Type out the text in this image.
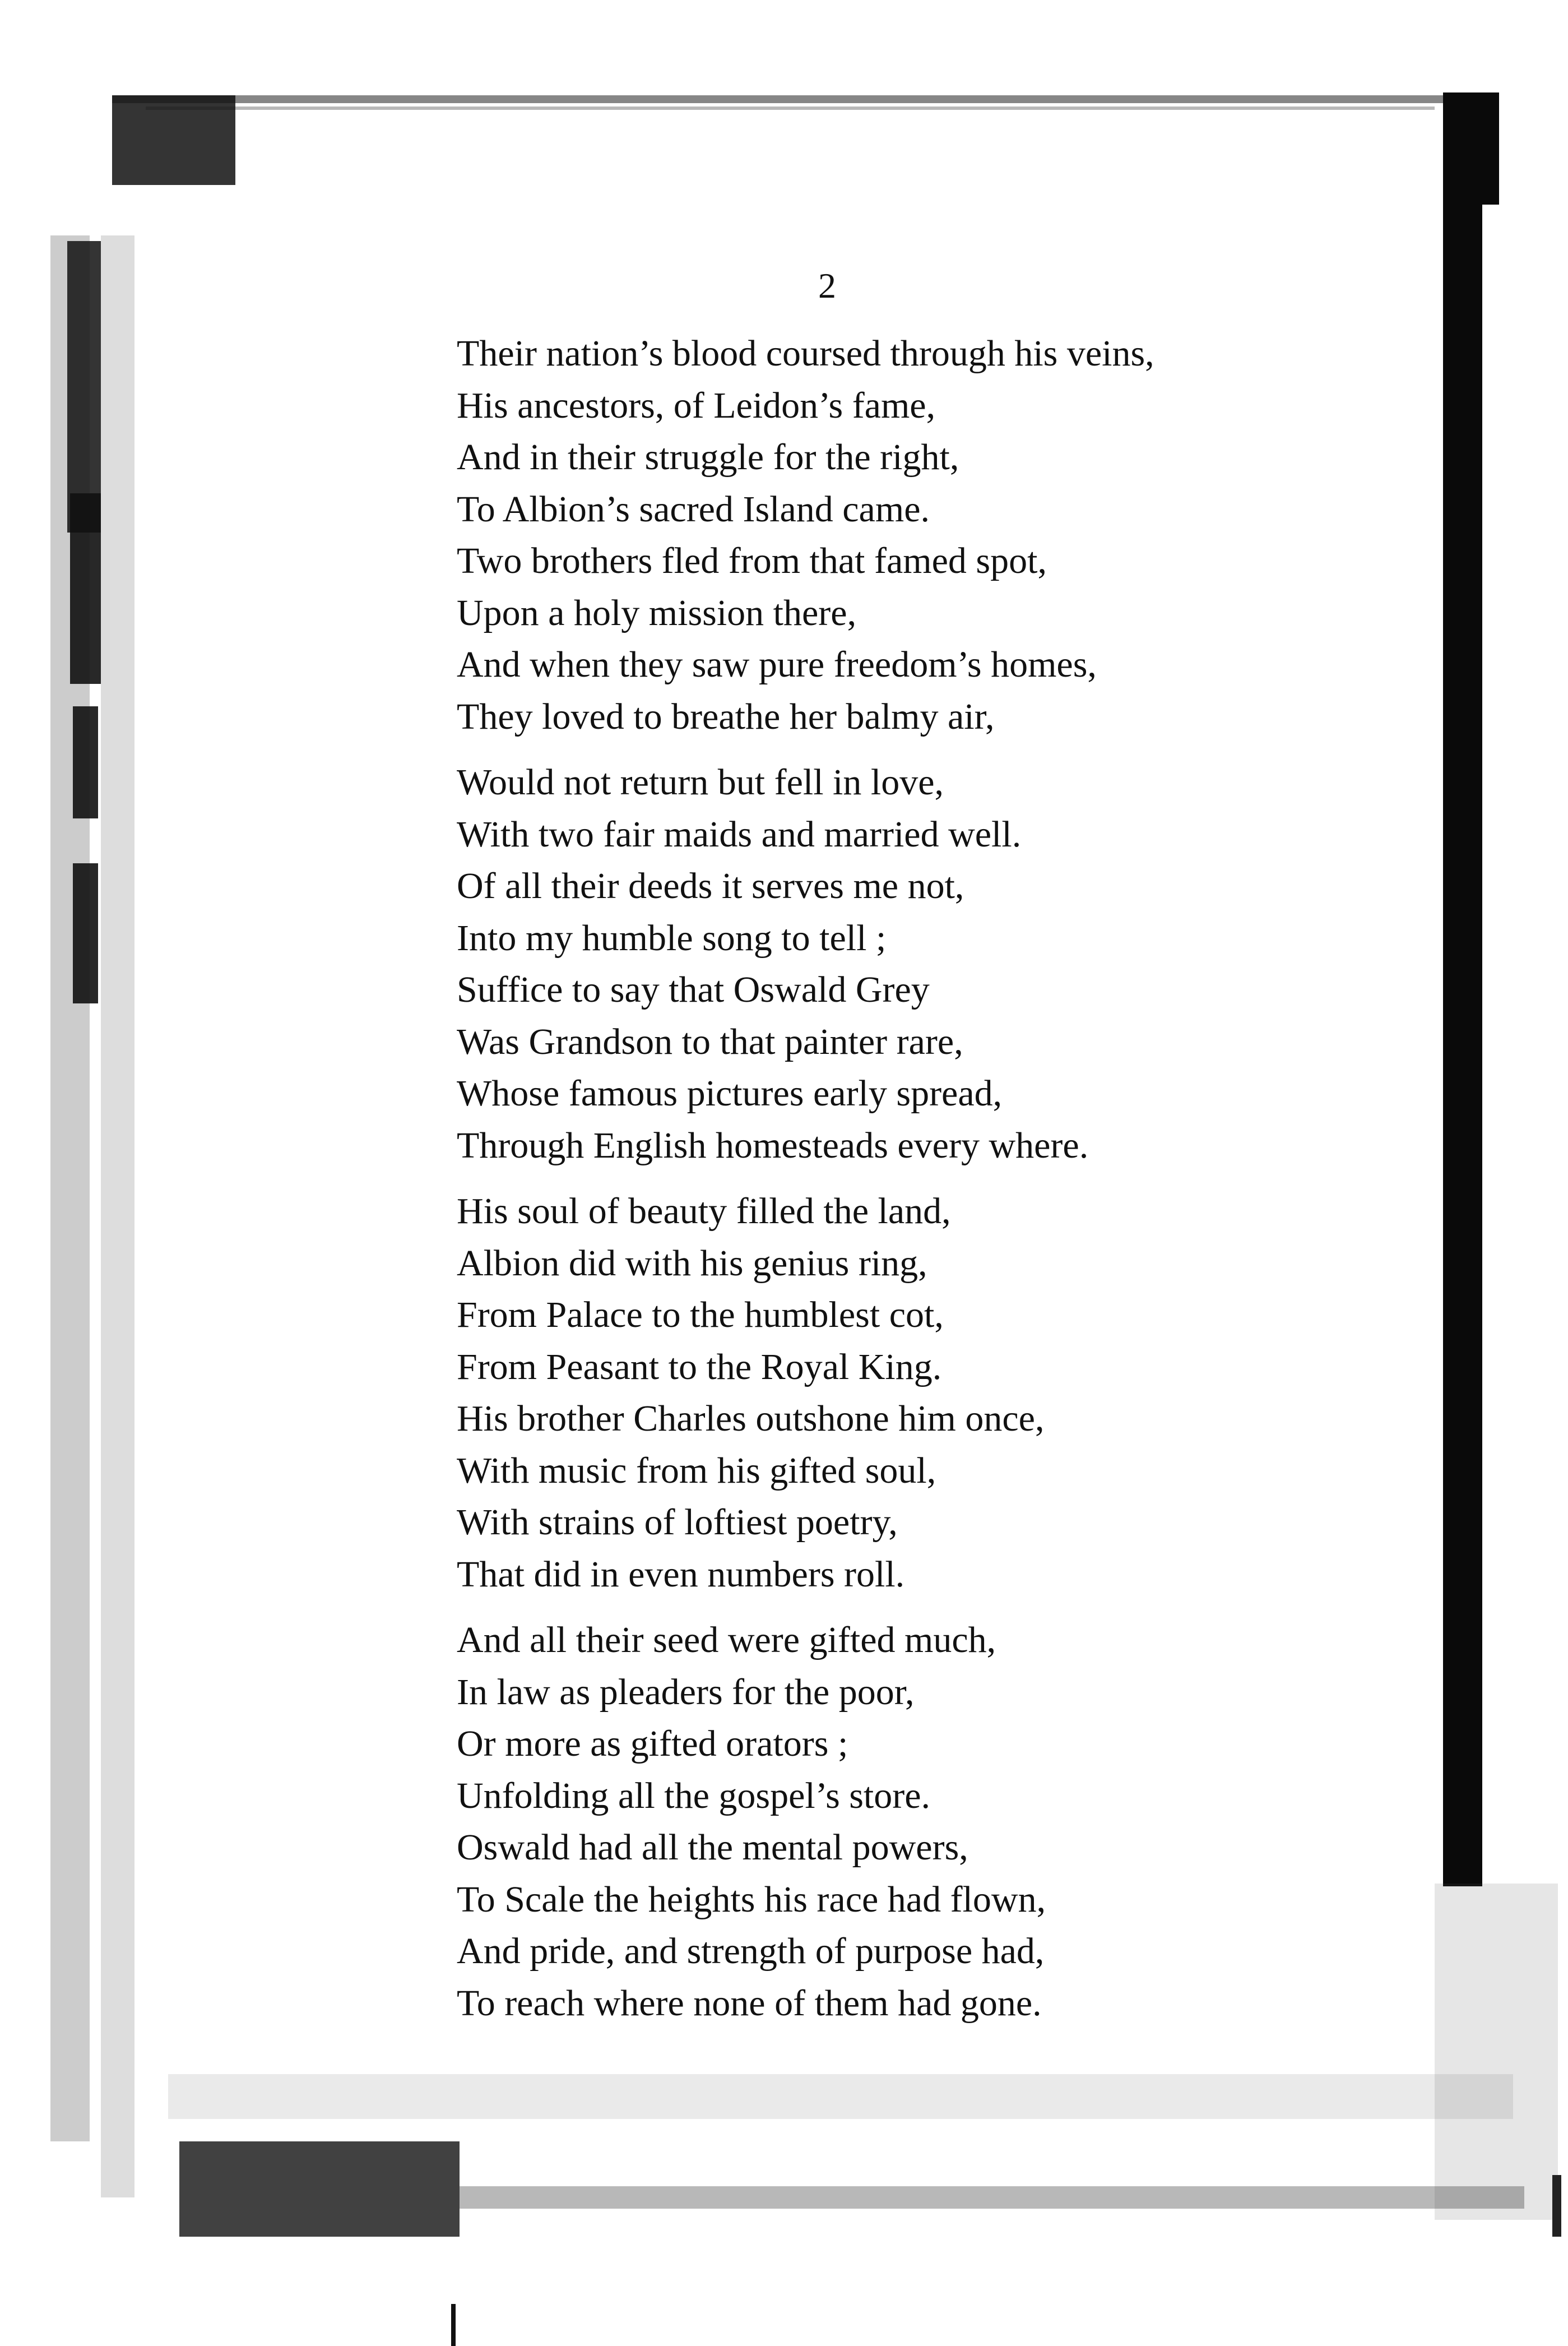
2
Their nation’s blood coursed through his veins,
His ancestors, of Leidon’s fame,
And in their struggle for the right,
To Albion’s sacred Island came.
Two brothers fled from that famed spot,
Upon a holy mission there,
And when they saw pure freedom’s homes,
They loved to breathe her balmy air,
Would not return but fell in love,
With two fair maids and married well.
Of all their deeds it serves me not,
Into my humble song to tell ;
Suffice to say that Oswald Grey
Was Grandson to that painter rare,
Whose famous pictures early spread,
Through English homesteads every where.
His soul of beauty filled the land,
Albion did with his genius ring,
From Palace to the humblest cot,
From Peasant to the Royal King.
His brother Charles outshone him once,
With music from his gifted soul,
With strains of loftiest poetry,
That did in even numbers roll.
And all their seed were gifted much,
In law as pleaders for the poor,
Or more as gifted orators ;
Unfolding all the gospel’s store.
Oswald had all the mental powers,
To Scale the heights his race had flown,
And pride, and strength of purpose had,
To reach where none of them had gone.
